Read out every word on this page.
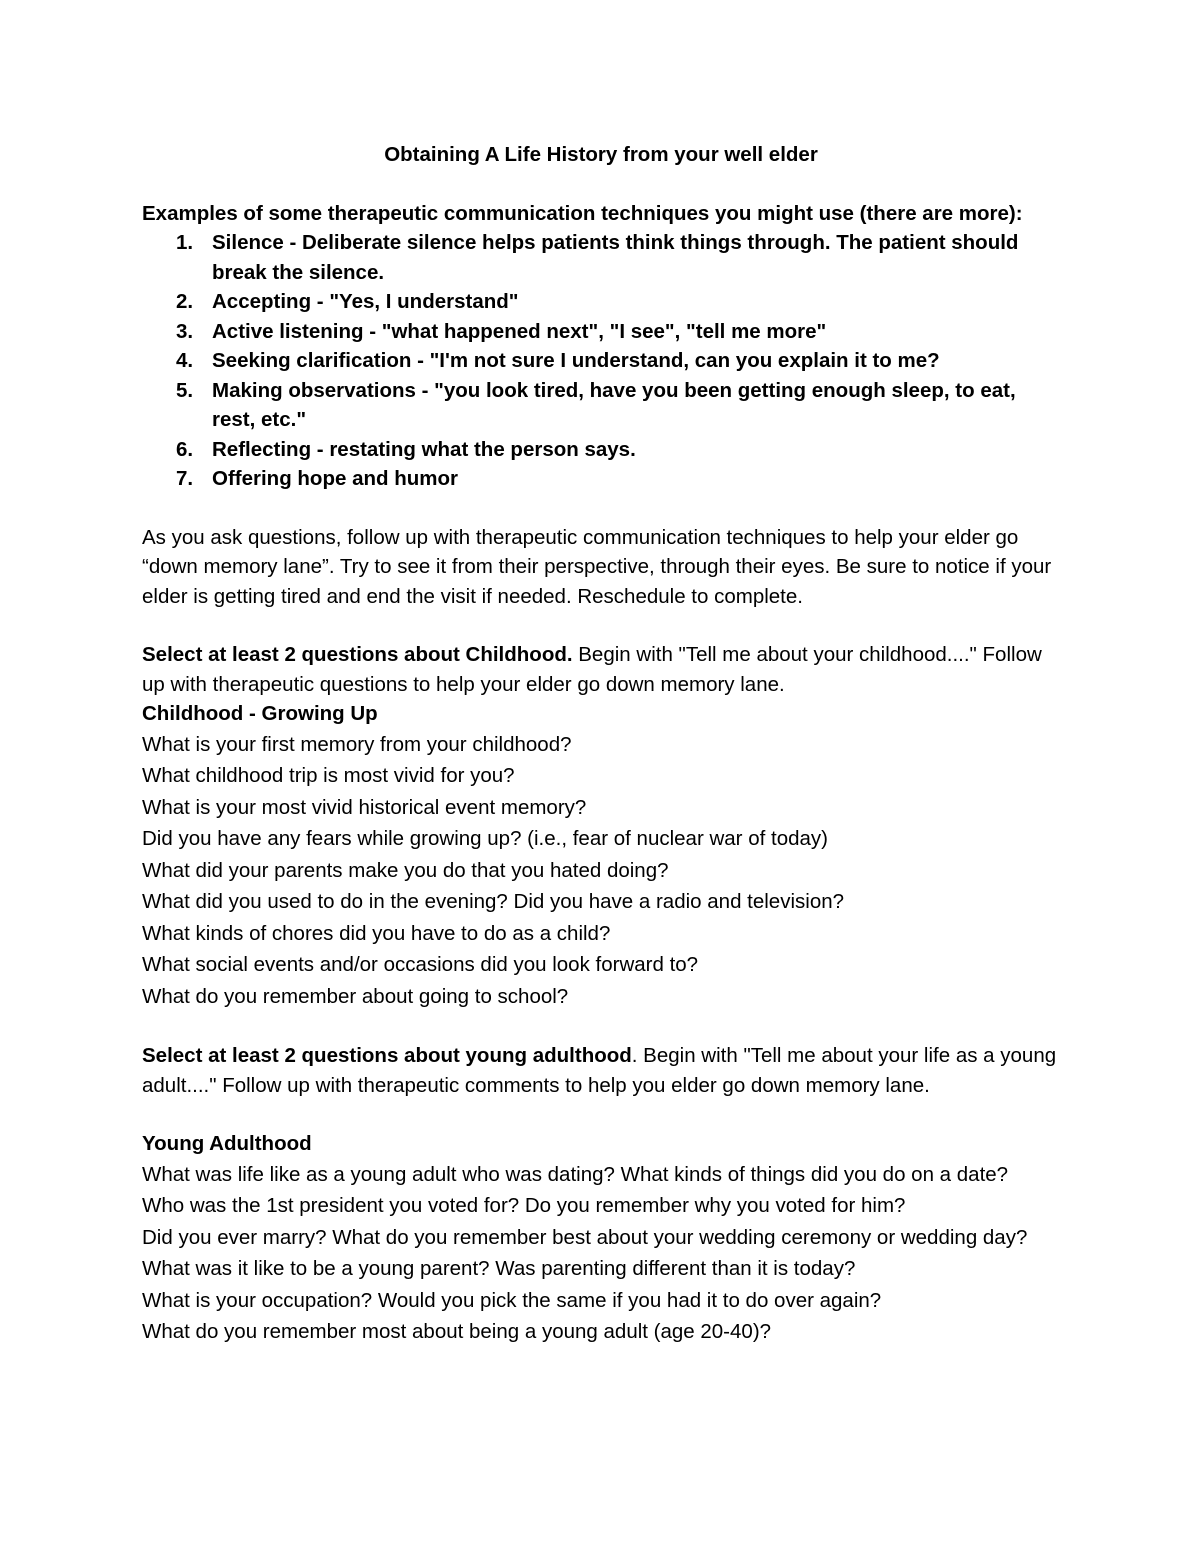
Obtaining A Life History from your well elder

Examples of some therapeutic communication techniques you might use (there are more):

1. Silence - Deliberate silence helps patients think things through. The patient should break the silence.
2. Accepting - "Yes, I understand"
3. Active listening - "what happened next", "I see", "tell me more"
4. Seeking clarification - "I'm not sure I understand, can you explain it to me?
5. Making observations - "you look tired, have you been getting enough sleep, to eat, rest, etc."
6. Reflecting - restating what the person says.
7. Offering hope and humor

As you ask questions, follow up with therapeutic communication techniques to help your elder go “down memory lane”. Try to see it from their perspective, through their eyes. Be sure to notice if your elder is getting tired and end the visit if needed. Reschedule to complete.

Select at least 2 questions about Childhood. Begin with "Tell me about your childhood...." Follow up with therapeutic questions to help your elder go down memory lane.

Childhood - Growing Up

What is your first memory from your childhood?

What childhood trip is most vivid for you?

What is your most vivid historical event memory?

Did you have any fears while growing up? (i.e., fear of nuclear war of today)

What did your parents make you do that you hated doing?

What did you used to do in the evening? Did you have a radio and television?

What kinds of chores did you have to do as a child?

What social events and/or occasions did you look forward to?

What do you remember about going to school?

Select at least 2 questions about young adulthood. Begin with "Tell me about your life as a young adult...." Follow up with therapeutic comments to help you elder go down memory lane.

Young Adulthood

What was life like as a young adult who was dating? What kinds of things did you do on a date?

Who was the 1st president you voted for? Do you remember why you voted for him?

Did you ever marry? What do you remember best about your wedding ceremony or wedding day?

What was it like to be a young parent? Was parenting different than it is today?

What is your occupation? Would you pick the same if you had it to do over again?

What do you remember most about being a young adult (age 20-40)?
